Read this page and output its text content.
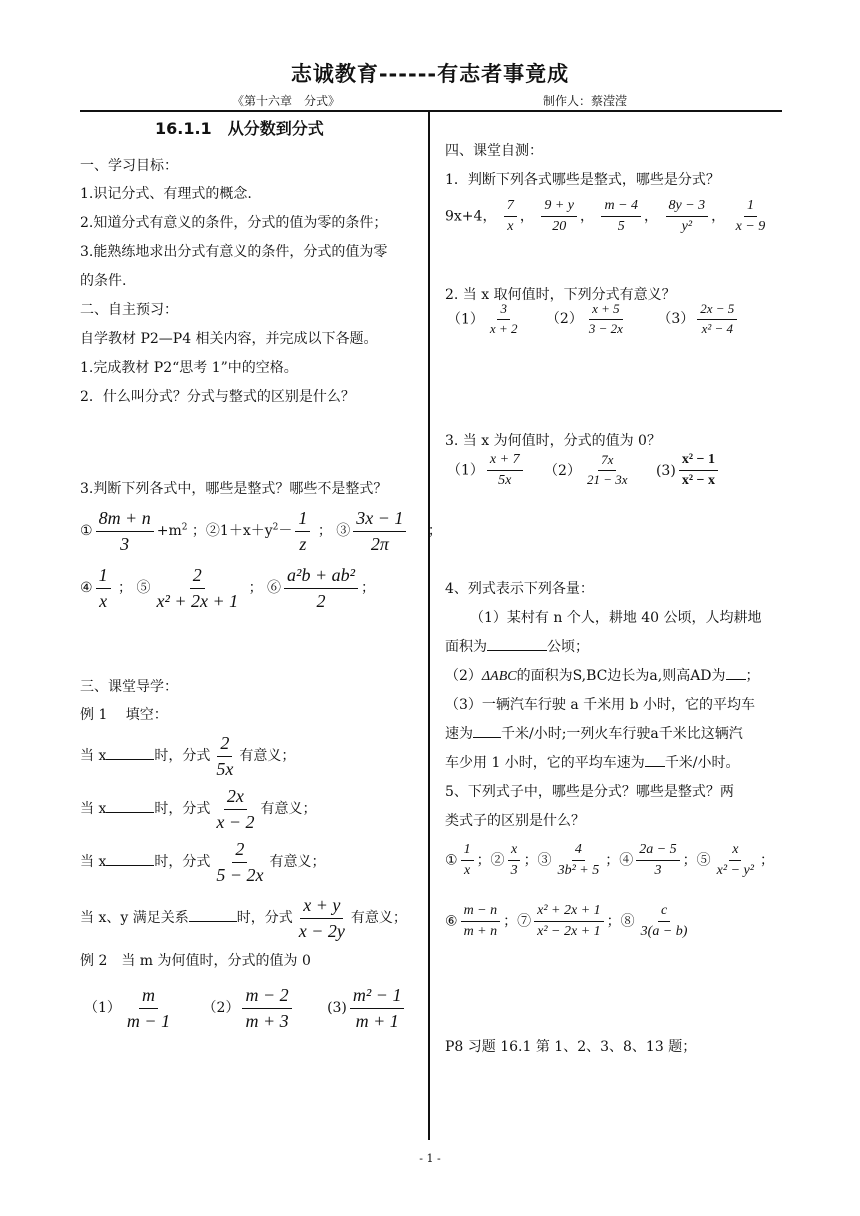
志诚教育------有志者事竟成
《第十六章　分式》	制作人：蔡滢滢
16.1.1　从分数到分式
一、学习目标：
1.识记分式、有理式的概念.
2.知道分式有意义的条件，分式的值为零的条件；
3.能熟练地求出分式有意义的条件，分式的值为零
的条件.
二、自主预习：
自学教材 P2—P4 相关内容，并完成以下各题。
1.完成教材 P2“思考 1”中的空格。
2．什么叫分式？分式与整式的区别是什么？
3.判断下列各式中，哪些是整式？哪些不是整式？
① $\frac{8m + n}{3} +m^2$ ；$②1+x+y^2- \frac{1}{z}$ ； ③ $\frac{3x - 1}{2\pi}$ ；
④ $\frac{1}{x}$ ； ⑤ $\frac{2}{\text{x² + 2x + 1}}$ ； ⑥ $\frac{\text{a²b + ab²}}{2}$ ；
三、课堂导学：
例 1　 填空：
当 x	时，分式 $\frac{2}{5x}$ 有意义；
当 x	时，分式 $\frac{2x}{x - 2}$ 有意义；
当 x	时，分式 $\frac{2}{5 - 2x}$ 有意义；
当 x、y 满足关系	时，分式 $\frac{x + y}{x - 2y}$ 有意义；
例 2　当 m 为何值时，分式的值为 0
$(1) \frac{m}{m - 1} (2) \frac{m - 2}{m + 3}$	$(3) \frac{\text{m² − 1}}{m + 1}$
四、课堂自测：
1．判断下列各式哪些是整式，哪些是分式？
9x+4， $\frac{7}{x}$ ， $\frac{9 + y}{20}$ ， $\frac{m - 4}{5}$ ， $\frac{8y - 3}{\text{y²}}$ ， $\frac{1}{x - 9}$
2. 当 x 取何值时，下列分式有意义？
$(1) \frac{3}{x + 2} (2) \frac{x + 5}{3 - 2x} (3) \frac{2x - 5}{\text{x² − 4}}$
3. 当 x 为何值时，分式的值为 0？
$(1) \frac{x + 7}{5x} (2) \frac{7x}{21 - 3x} (3) \frac{\text{x² − 1}}{\text{x² − x}}$
4、列式表示下列各量：
（1）某村有 n 个人，耕地 40 公顷，人均耕地
面积为	公顷；
（2）ΔABC的面积为S,BC边长为a,则高AD为 ；
（3）一辆汽车行驶 a 千米用 b 小时，它的平均车
速为 千米/小时;一列火车行驶a千米比这辆汽
车少用 1 小时，它的平均车速为 千米/小时。
5、下列式子中，哪些是分式？哪些是整式？两
类式子的区别是什么？
① $\frac{1}{x}$ ；② $\frac{x}{3}$ ；③ $\frac{4}{\text{3b² + 5}}$ ；④ $\frac{2a - 5}{3}$ ；⑤ $\frac{x}{\text{x² − y²}}$ ；
⑥ $\frac{m - n}{m + n}$ ；⑦ $\frac{\text{x² + 2x + 1}}{\text{x² − 2x + 1}}$ ；⑧ $\frac{c}{3(a - b)}$
P8 习题 16.1 第 1、2、3、8、13 题；
- 1 -
